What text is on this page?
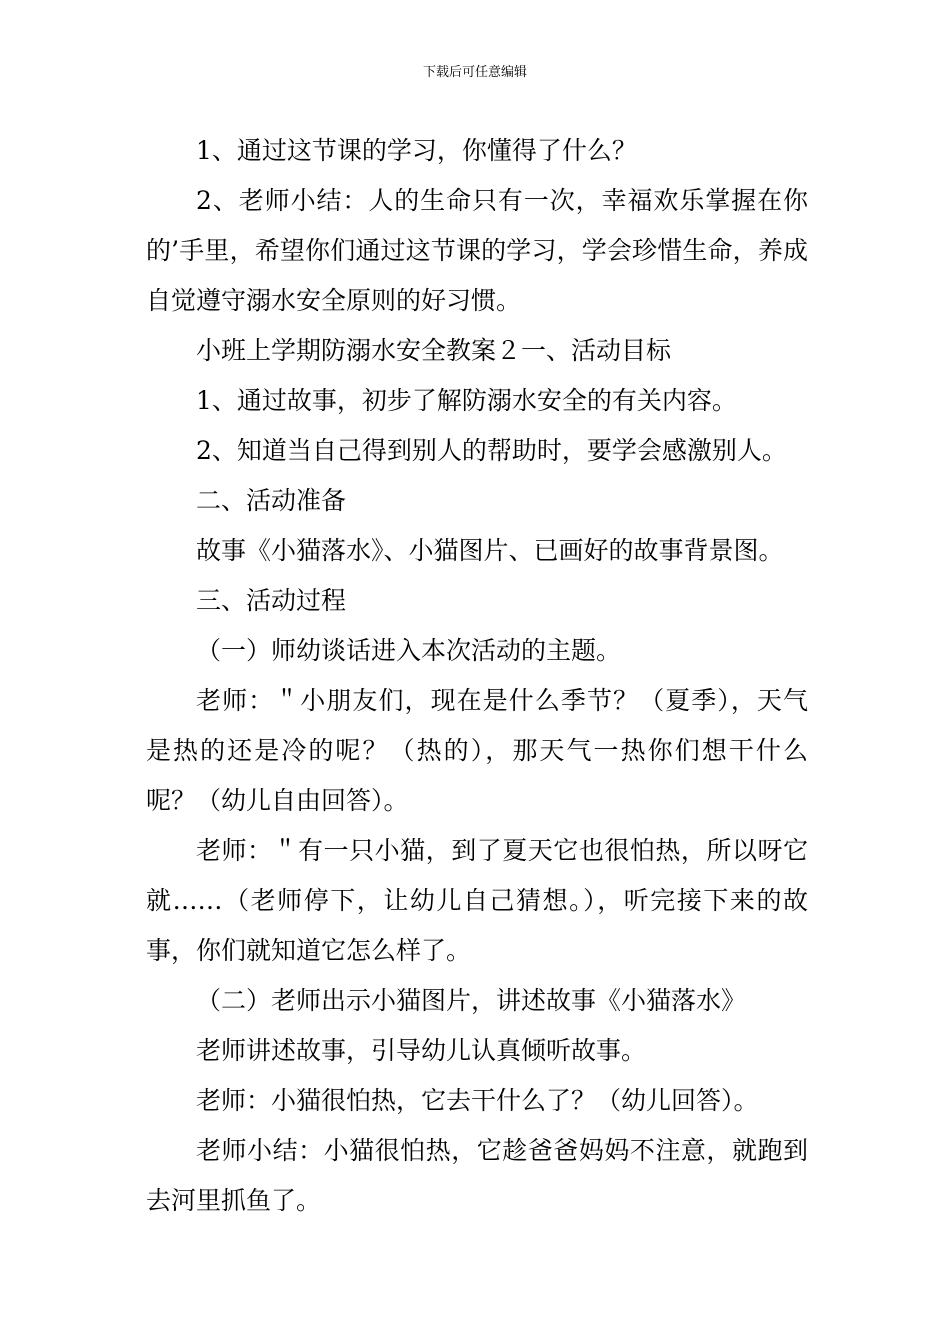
下载后可任意编辑

1、通过这节课的学习，你懂得了什么？

2、老师小结：人的生命只有一次，幸福欢乐掌握在你的’手里，希望你们通过这节课的学习，学会珍惜生命，养成自觉遵守溺水安全原则的好习惯。

小班上学期防溺水安全教案２一、活动目标

1、通过故事，初步了解防溺水安全的有关内容。

2、知道当自己得到别人的帮助时，要学会感激别人。

二、活动准备

故事《小猫落水》、小猫图片、已画好的故事背景图。

三、活动过程

（一）师幼谈话进入本次活动的主题。

老师：＂小朋友们，现在是什么季节？（夏季），天气是热的还是冷的呢？（热的），那天气一热你们想干什么呢？（幼儿自由回答）。

老师：＂有一只小猫，到了夏天它也很怕热，所以呀它就……（老师停下，让幼儿自己猜想。），听完接下来的故事，你们就知道它怎么样了。

（二）老师出示小猫图片，讲述故事《小猫落水》

老师讲述故事，引导幼儿认真倾听故事。

老师：小猫很怕热，它去干什么了？（幼儿回答）。

老师小结：小猫很怕热，它趁爸爸妈妈不注意，就跑到去河里抓鱼了。
